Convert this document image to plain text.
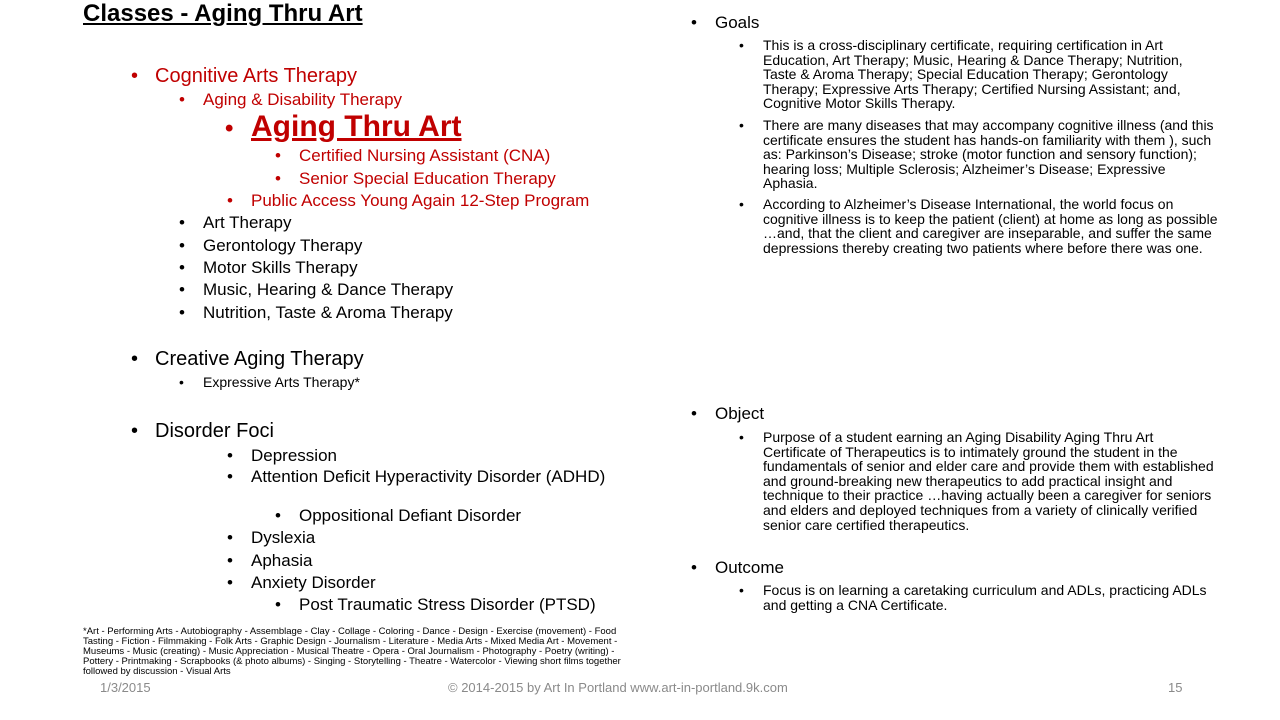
Classes - Aging Thru Art
• Cognitive Arts Therapy
• Aging & Disability Therapy
• Aging Thru Art
• Certified Nursing Assistant (CNA)
• Senior Special Education Therapy
• Public Access Young Again 12-Step Program
• Art Therapy
• Gerontology Therapy
• Motor Skills Therapy
• Music, Hearing & Dance Therapy
• Nutrition, Taste & Aroma Therapy
• Creative Aging Therapy
• Expressive Arts Therapy*
• Disorder Foci
• Depression
• Attention Deficit Hyperactivity Disorder (ADHD)
• Oppositional Defiant Disorder
• Dyslexia
• Aphasia
• Anxiety Disorder
• Post Traumatic Stress Disorder (PTSD)
*Art - Performing Arts - Autobiography - Assemblage - Clay - Collage - Coloring - Dance - Design - Exercise (movement) - Food Tasting - Fiction - Filmmaking - Folk Arts - Graphic Design - Journalism - Literature - Media Arts - Mixed Media Art - Movement - Museums - Music (creating) - Music Appreciation - Musical Theatre - Opera - Oral Journalism - Photography - Poetry (writing) - Pottery - Printmaking - Scrapbooks (& photo albums) - Singing - Storytelling - Theatre - Watercolor - Viewing short films together followed by discussion - Visual Arts
• Goals
• This is a cross-disciplinary certificate, requiring certification in Art Education, Art Therapy; Music, Hearing & Dance Therapy; Nutrition, Taste & Aroma Therapy; Special Education Therapy; Gerontology Therapy; Expressive Arts Therapy; Certified Nursing Assistant; and, Cognitive Motor Skills Therapy.
• There are many diseases that may accompany cognitive illness (and this certificate ensures the student has hands-on familiarity with them ), such as: Parkinson’s Disease; stroke (motor function and sensory function); hearing loss; Multiple Sclerosis; Alzheimer’s Disease; Expressive Aphasia.
• According to Alzheimer’s Disease International, the world focus on cognitive illness is to keep the patient (client) at home as long as possible …and, that the client and caregiver are inseparable, and suffer the same depressions thereby creating two patients where before there was one.
• Object
• Purpose of a student earning an Aging Disability Aging Thru Art Certificate of Therapeutics is to intimately ground the student in the fundamentals of senior and elder care and provide them with established and ground-breaking new therapeutics to add practical insight and technique to their practice …having actually been a caregiver for seniors and elders and deployed techniques from a variety of clinically verified senior care certified therapeutics.
• Outcome
• Focus is on learning a caretaking curriculum and ADLs, practicing ADLs and getting a CNA Certificate.
1/3/2015	© 2014-2015 by Art In Portland www.art-in-portland.9k.com	15
